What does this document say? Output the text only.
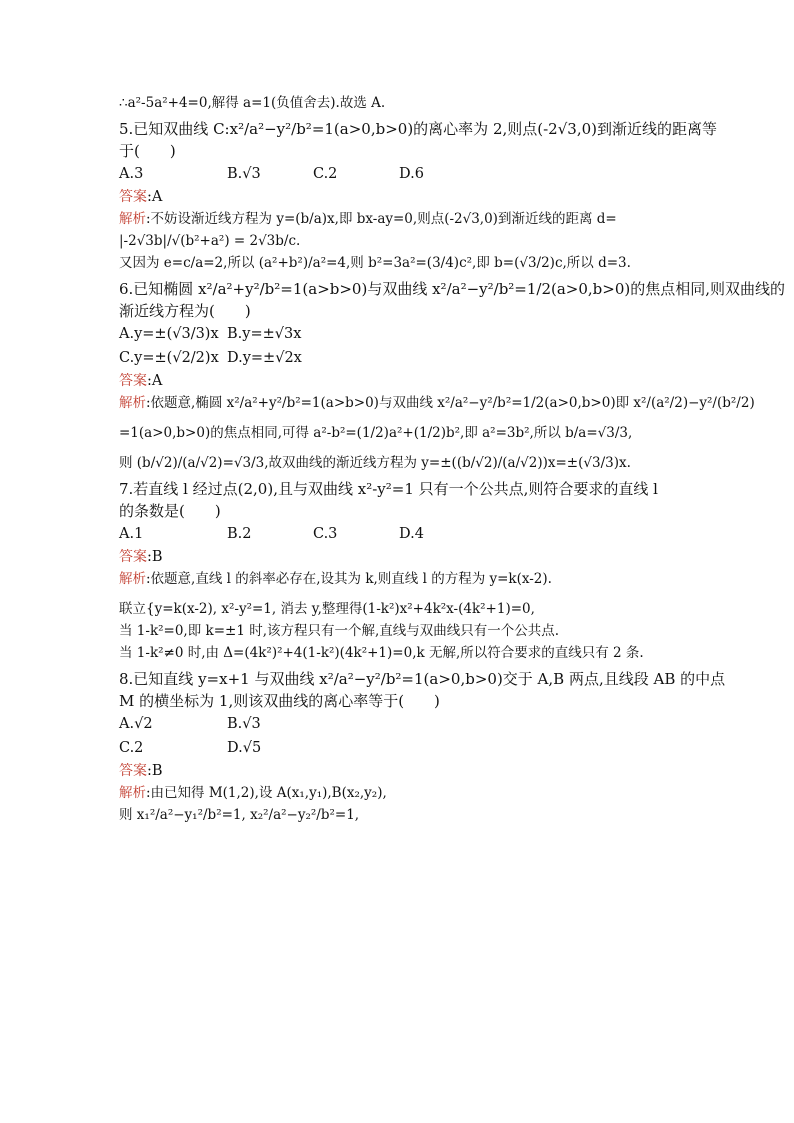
∴a²-5a²+4=0,解得 a=1(负值舍去).故选 A.
5.已知双曲线 C:x²/a²−y²/b²=1(a>0,b>0)的离心率为 2,则点(-2√3,0)到渐近线的距离等
于(　　)
A.3	B.√3	C.2	D.6
答案:A
解析:不妨设渐近线方程为 y=(b/a)x,即 bx-ay=0,则点(-2√3,0)到渐近线的距离 d=
|-2√3b|/√(b²+a²) = 2√3b/c.
又因为 e=c/a=2,所以 (a²+b²)/a²=4,则 b²=3a²=(3/4)c²,即 b=(√3/2)c,所以 d=3.
6.已知椭圆 x²/a²+y²/b²=1(a>b>0)与双曲线 x²/a²−y²/b²=1/2(a>0,b>0)的焦点相同,则双曲线的
渐近线方程为(　　)
A.y=±(√3/3)x B.y=±√3x
C.y=±(√2/2)x D.y=±√2x
答案:A
解析:依题意,椭圆 x²/a²+y²/b²=1(a>b>0)与双曲线 x²/a²−y²/b²=1/2(a>0,b>0)即 x²/(a²/2)−y²/(b²/2)
=1(a>0,b>0)的焦点相同,可得 a²-b²=(1/2)a²+(1/2)b²,即 a²=3b²,所以 b/a=√3/3,
则 (b/√2)/(a/√2)=√3/3,故双曲线的渐近线方程为 y=±((b/√2)/(a/√2))x=±(√3/3)x.
7.若直线 l 经过点(2,0),且与双曲线 x²-y²=1 只有一个公共点,则符合要求的直线 l
的条数是(　　)
A.1	B.2	C.3	D.4
答案:B
解析:依题意,直线 l 的斜率必存在,设其为 k,则直线 l 的方程为 y=k(x-2).
联立{y=k(x-2), x²-y²=1, 消去 y,整理得(1-k²)x²+4k²x-(4k²+1)=0,
当 1-k²=0,即 k=±1 时,该方程只有一个解,直线与双曲线只有一个公共点.
当 1-k²≠0 时,由 Δ=(4k²)²+4(1-k²)(4k²+1)=0,k 无解,所以符合要求的直线只有 2 条.
8.已知直线 y=x+1 与双曲线 x²/a²−y²/b²=1(a>0,b>0)交于 A,B 两点,且线段 AB 的中点
M 的横坐标为 1,则该双曲线的离心率等于(　　)
A.√2	B.√3
C.2	D.√5
答案:B
解析:由已知得 M(1,2),设 A(x₁,y₁),B(x₂,y₂),
则 x₁²/a²−y₁²/b²=1, x₂²/a²−y₂²/b²=1,
